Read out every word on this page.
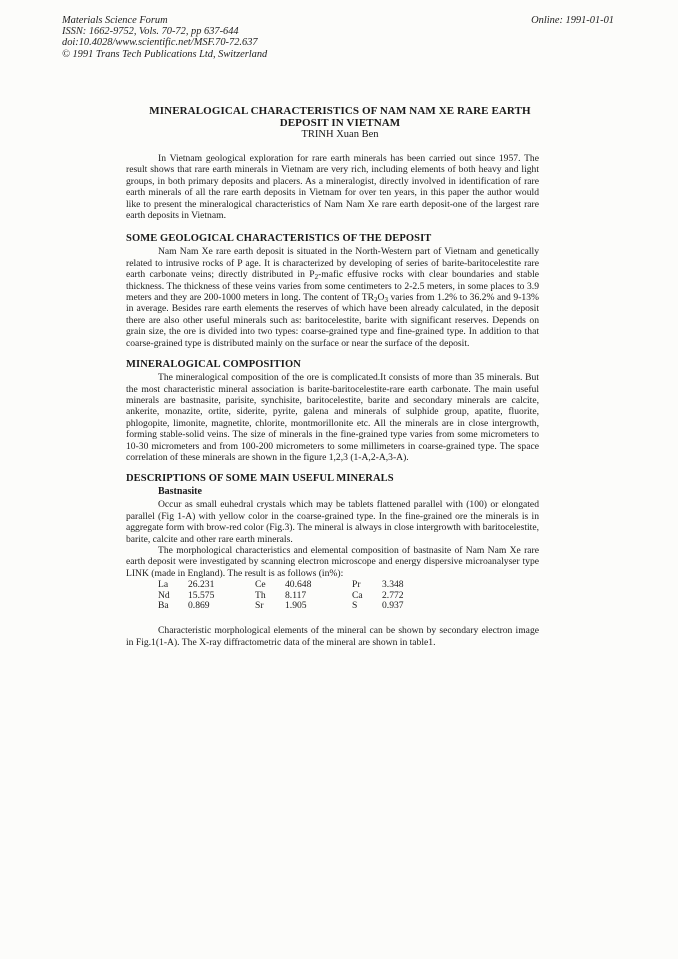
Materials Science Forum
ISSN: 1662-9752, Vols. 70-72, pp 637-644
doi:10.4028/www.scientific.net/MSF.70-72.637
© 1991 Trans Tech Publications Ltd, Switzerland
Online: 1991-01-01
MINERALOGICAL CHARACTERISTICS OF NAM NAM XE RARE EARTH
DEPOSIT IN VIETNAM
TRINH Xuan Ben

In Vietnam geological exploration for rare earth minerals has been carried out since 1957. The result shows that rare earth minerals in Vietnam are very rich, including elements of both heavy and light groups, in both primary deposits and placers. As a mineralogist, directly involved in identification of rare earth minerals of all the rare earth deposits in Vietnam for over ten years, in this paper the author would like to present the mineralogical characteristics of Nam Nam Xe rare earth deposit-one of the largest rare earth deposits in Vietnam.

SOME GEOLOGICAL CHARACTERISTICS OF THE DEPOSIT

Nam Nam Xe rare earth deposit is situated in the North-Western part of Vietnam and genetically related to intrusive rocks of P age. It is characterized by developing of series of barite-baritocelestite rare earth carbonate veins; directly distributed in $P_2$-mafic effusive rocks with clear boundaries and stable thickness. The thickness of these veins varies from some centimeters to 2-2.5 meters, in some places to 3.9 meters and they are 200-1000 meters in long. The content of $TR_2O_3$ varies from 1.2% to 36.2% and 9-13% in average. Besides rare earth elements the reserves of which have been already calculated, in the deposit there are also other useful minerals such as: baritocelestite, barite with significant reserves. Depends on grain size, the ore is divided into two types: coarse-grained type and fine-grained type. In addition to that coarse-grained type is distributed mainly on the surface or near the surface of the deposit.

MINERALOGICAL COMPOSITION

The mineralogical composition of the ore is complicated.It consists of more than 35 minerals. But the most characteristic mineral association is barite-baritocelestite-rare earth carbonate. The main useful minerals are bastnasite, parisite, synchisite, baritocelestite, barite and secondary minerals are calcite, ankerite, monazite, ortite, siderite, pyrite, galena and minerals of sulphide group, apatite, fluorite, phlogopite, limonite, magnetite, chlorite, montmorillonite etc. All the minerals are in close intergrowth, forming stable-solid veins. The size of minerals in the fine-grained type varies from some micrometers to 10-30 micrometers and from 100-200 micrometers to some millimeters in coarse-grained type. The space correlation of these minerals are shown in the figure 1,2,3 (1-A,2-A,3-A).

DESCRIPTIONS OF SOME MAIN USEFUL MINERALS
Bastnasite

Occur as small euhedral crystals which may be tablets flattened parallel with (100) or elongated parallel (Fig 1-A) with yellow color in the coarse-grained type. In the fine-grained ore the minerals is in aggregate form with brow-red color (Fig.3). The mineral is always in close intergrowth with baritocelestite, barite, calcite and other rare earth minerals.

The morphological characteristics and elemental composition of bastnasite of Nam Nam Xe rare earth deposit were investigated by scanning electron microscope and energy dispersive microanalyser type LINK (made in England). The result is as follows (in%):

La	26.231	Ce	40.648	Pr	3.348
Nd	15.575	Th	8.117	Ca	2.772
Ba	0.869	Sr	1.905	S	0.937

Characteristic morphological elements of the mineral can be shown by secondary electron image in Fig.1(1-A). The X-ray diffractometric data of the mineral are shown in table1.
